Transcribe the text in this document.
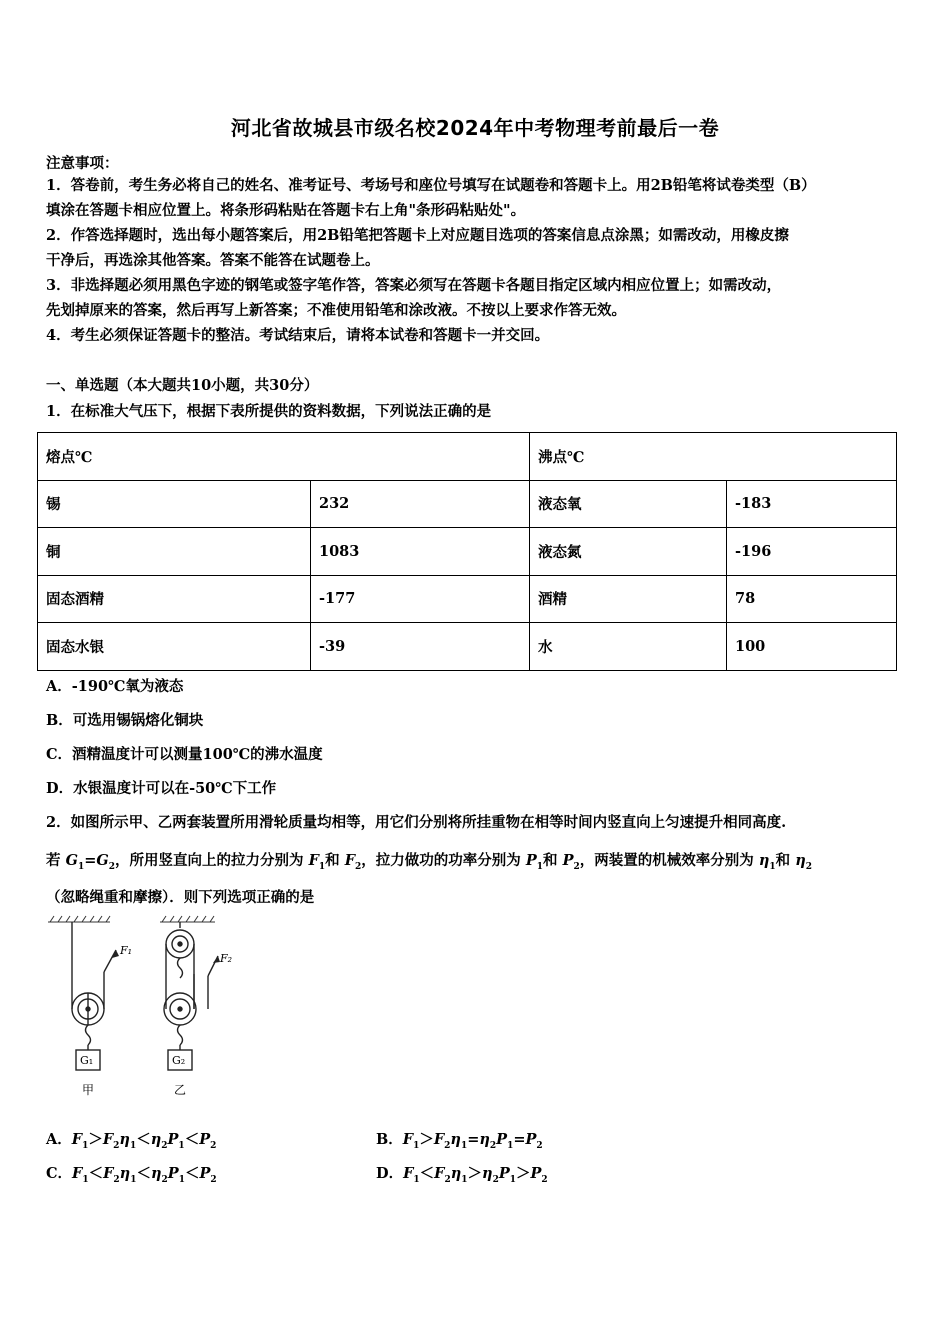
河北省故城县市级名校2024年中考物理考前最后一卷
注意事项：
1．答卷前，考生务必将自己的姓名、准考证号、考场号和座位号填写在试题卷和答题卡上。用2B铅笔将试卷类型（B）
填涂在答题卡相应位置上。将条形码粘贴在答题卡右上角"条形码粘贴处"。
2．作答选择题时，选出每小题答案后，用2B铅笔把答题卡上对应题目选项的答案信息点涂黑；如需改动，用橡皮擦
干净后，再选涂其他答案。答案不能答在试题卷上。
3．非选择题必须用黑色字迹的钢笔或签字笔作答，答案必须写在答题卡各题目指定区域内相应位置上；如需改动，
先划掉原来的答案，然后再写上新答案；不准使用铅笔和涂改液。不按以上要求作答无效。
4．考生必须保证答题卡的整洁。考试结束后，请将本试卷和答题卡一并交回。
一、单选题（本大题共10小题，共30分）
1．在标准大气压下，根据下表所提供的资料数据，下列说法正确的是
熔点℃		沸点℃	
锡	232	液态氧	-183
铜	1083	液态氮	-196
固态酒精	-177	酒精	78
固态水银	-39	水	100
A．-190℃氧为液态
B．可选用锡锅熔化铜块
C．酒精温度计可以测量100℃的沸水温度
D．水银温度计可以在-50℃下工作
2．如图所示甲、乙两套装置所用滑轮质量均相等，用它们分别将所挂重物在相等时间内竖直向上匀速提升相同高度.
若 $G_1=G_2$，所用竖直向上的拉力分别为 $F_1$和 $F_2$，拉力做功的功率分别为 $P_1$和 $P_2$，两装置的机械效率分别为 $\eta_1$和 $\eta_2$
（忽略绳重和摩擦）．则下列选项正确的是
F₁
G₁
甲
F₂
G₂
乙
A．$F_1>F_2\eta_1<\eta_2P_1<P_2$	B．$F_1>F_2\eta_1=\eta_2P_1=P_2$
C．$F_1<F_2\eta_1<\eta_2P_1<P_2$	D．$F_1<F_2\eta_1>\eta_2P_1>P_2$
